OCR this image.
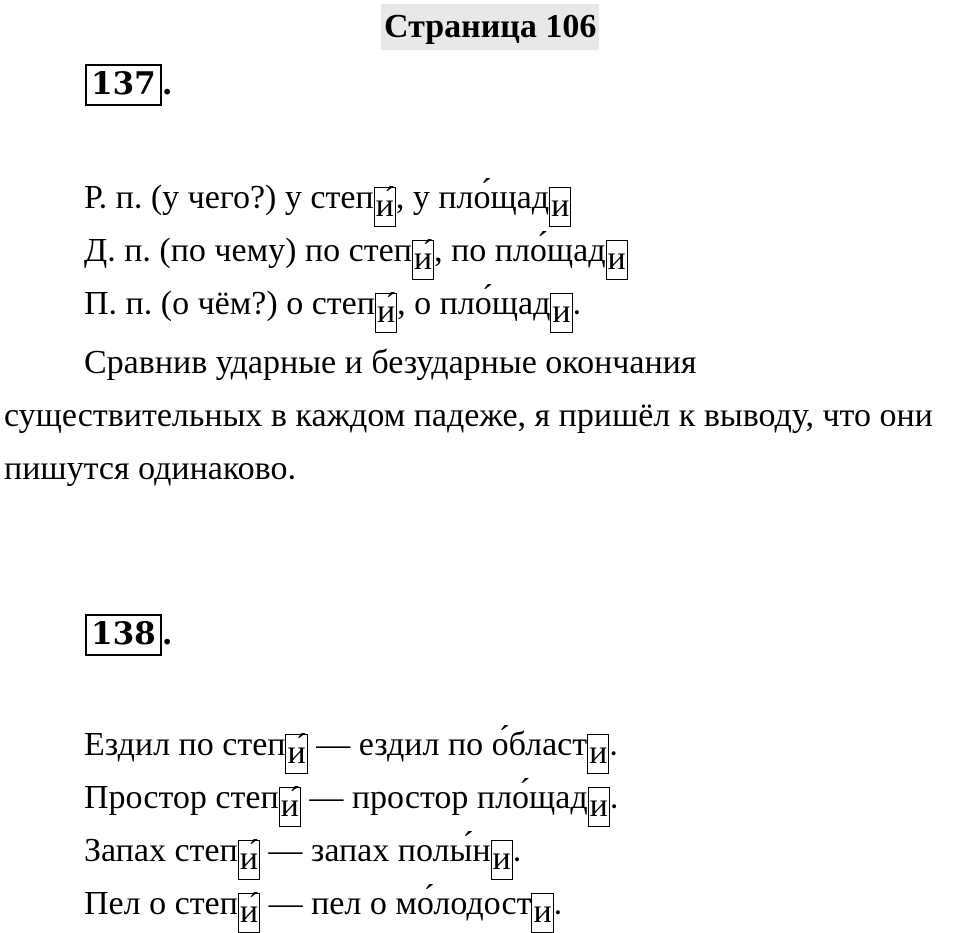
Страница 106
137 .
Р. п. (у чего?) у степи́, у пло́щади
Д. п. (по чему) по степи́, по пло́щади
П. п. (о чём?) о степи́, о пло́щади.

Сравнив ударные и безударные окончания существительных в каждом падеже, я пришёл к выводу, что они пишутся одинаково.

138 .
Ездил по степи́ — ездил по о́бласти.
Простор степи́ — простор пло́щади.
Запах степи́ — запах полы́ни.
Пел о степи́ — пел о мо́лодости.
